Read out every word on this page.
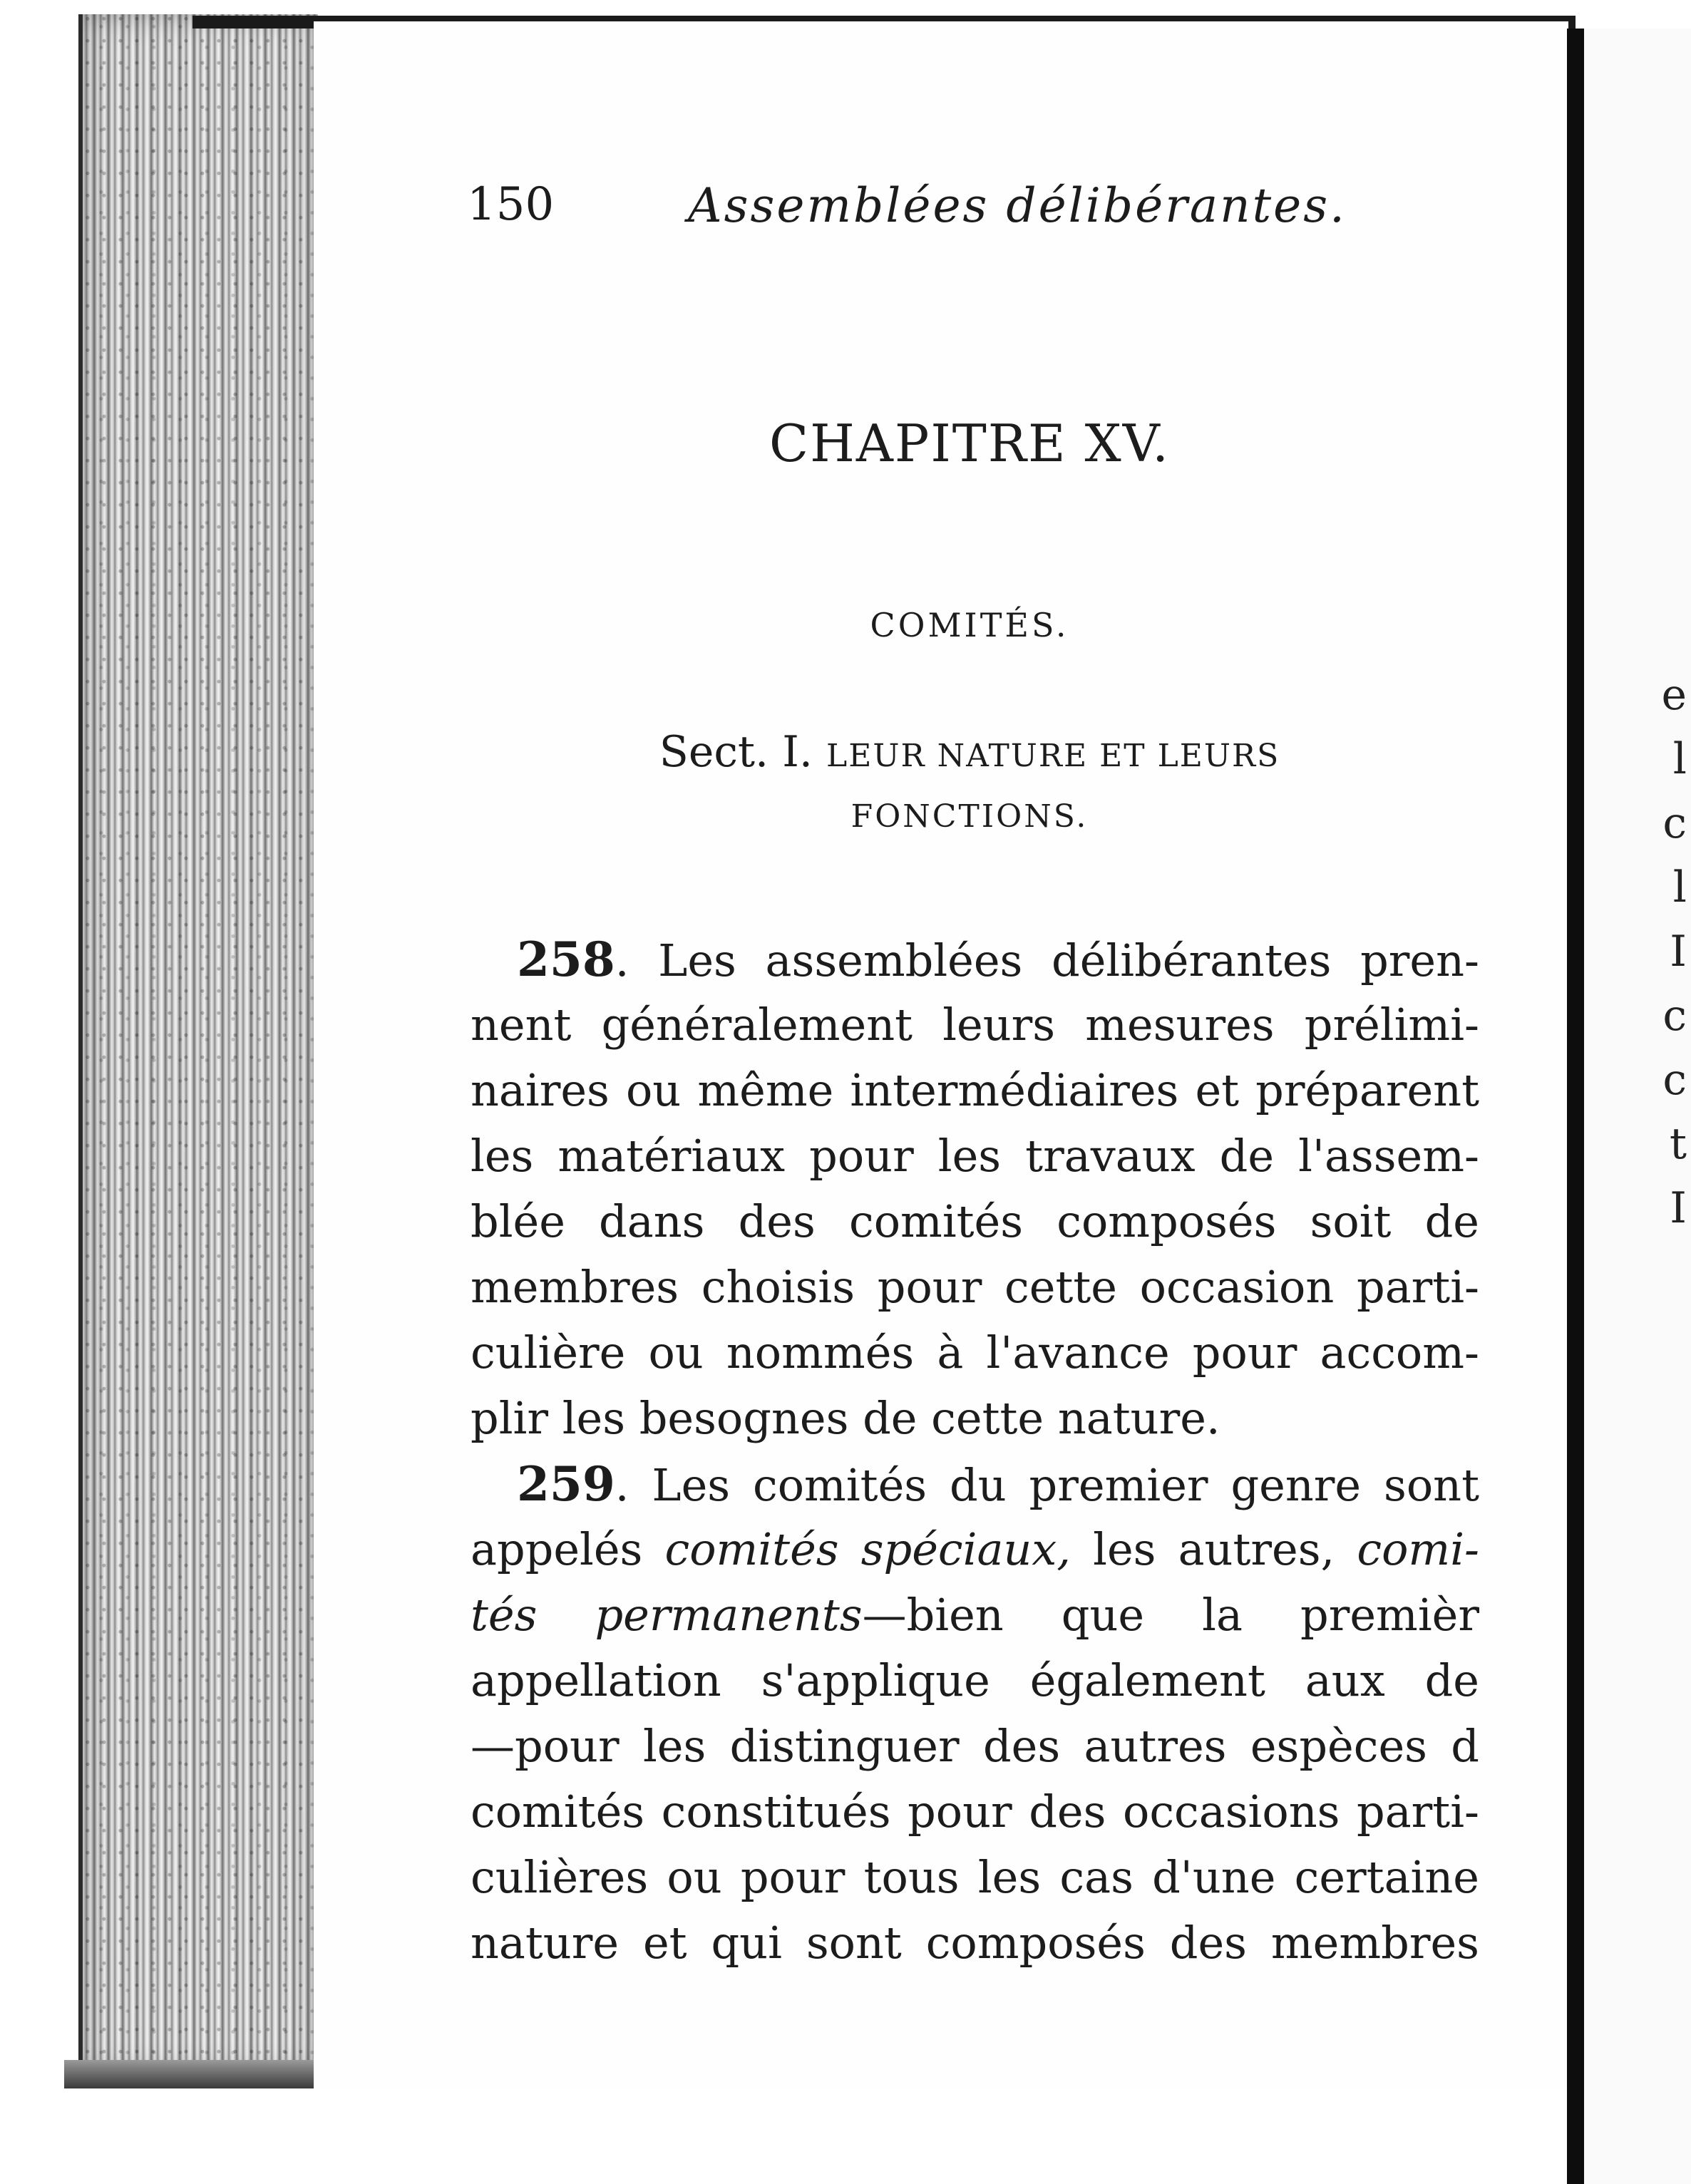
e
l
c
l
I
c
c
t
I
150	Assemblées délibérantes.
CHAPITRE XV.
COMITÉS.
Sect. I. LEUR NATURE ET LEURS
FONCTIONS.
258. Les assemblées délibérantes pren-
nent généralement leurs mesures prélimi-
naires ou même intermédiaires et préparent
les matériaux pour les travaux de l'assem-
blée dans des comités composés soit de
membres choisis pour cette occasion parti-
culière ou nommés à l'avance pour accom-
plir les besognes de cette nature.
259. Les comités du premier genre sont
appelés comités spéciaux, les autres, comi-
tés permanents—bien que la premièr
appellation s'applique également aux de
—pour les distinguer des autres espèces d
comités constitués pour des occasions parti-
culières ou pour tous les cas d'une certaine
nature et qui sont composés des membres
